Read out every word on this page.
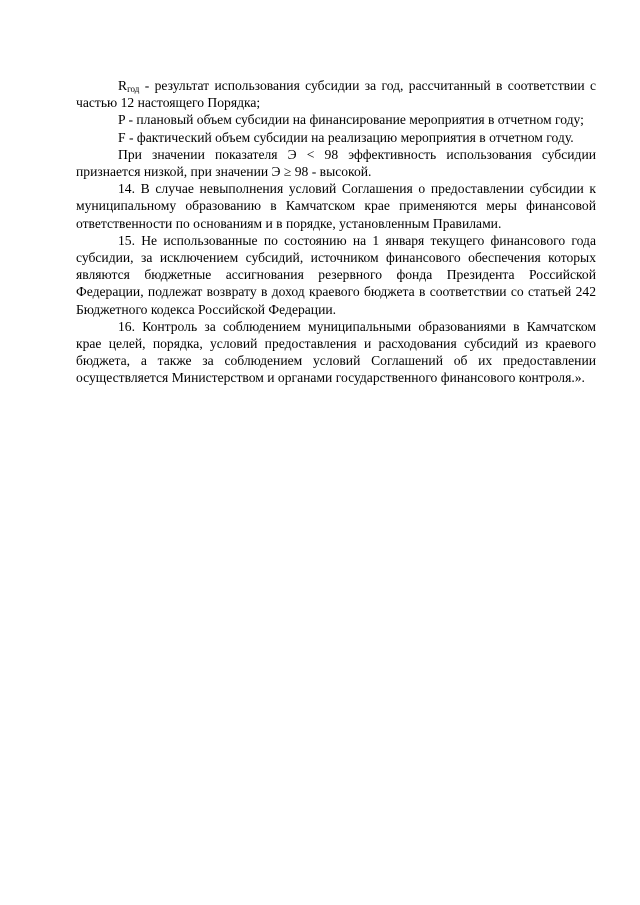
$R_{год}$ - результат использования субсидии за год, рассчитанный в соответствии с частью 12 настоящего Порядка;

P - плановый объем субсидии на финансирование мероприятия в отчетном году;

F - фактический объем субсидии на реализацию мероприятия в отчетном году.

При значении показателя Э < 98 эффективность использования субсидии признается низкой, при значении Э ≥ 98 - высокой.

14. В случае невыполнения условий Соглашения о предоставлении субсидии к муниципальному образованию в Камчатском крае применяются меры финансовой ответственности по основаниям и в порядке, установленным Правилами.

15. Не использованные по состоянию на 1 января текущего финансового года субсидии, за исключением субсидий, источником финансового обеспечения которых являются бюджетные ассигнования резервного фонда Президента Российской Федерации, подлежат возврату в доход краевого бюджета в соответствии со статьей 242 Бюджетного кодекса Российской Федерации.

16. Контроль за соблюдением муниципальными образованиями в Камчатском крае целей, порядка, условий предоставления и расходования субсидий из краевого бюджета, а также за соблюдением условий Соглашений об их предоставлении осуществляется Министерством и органами государственного финансового контроля.».
